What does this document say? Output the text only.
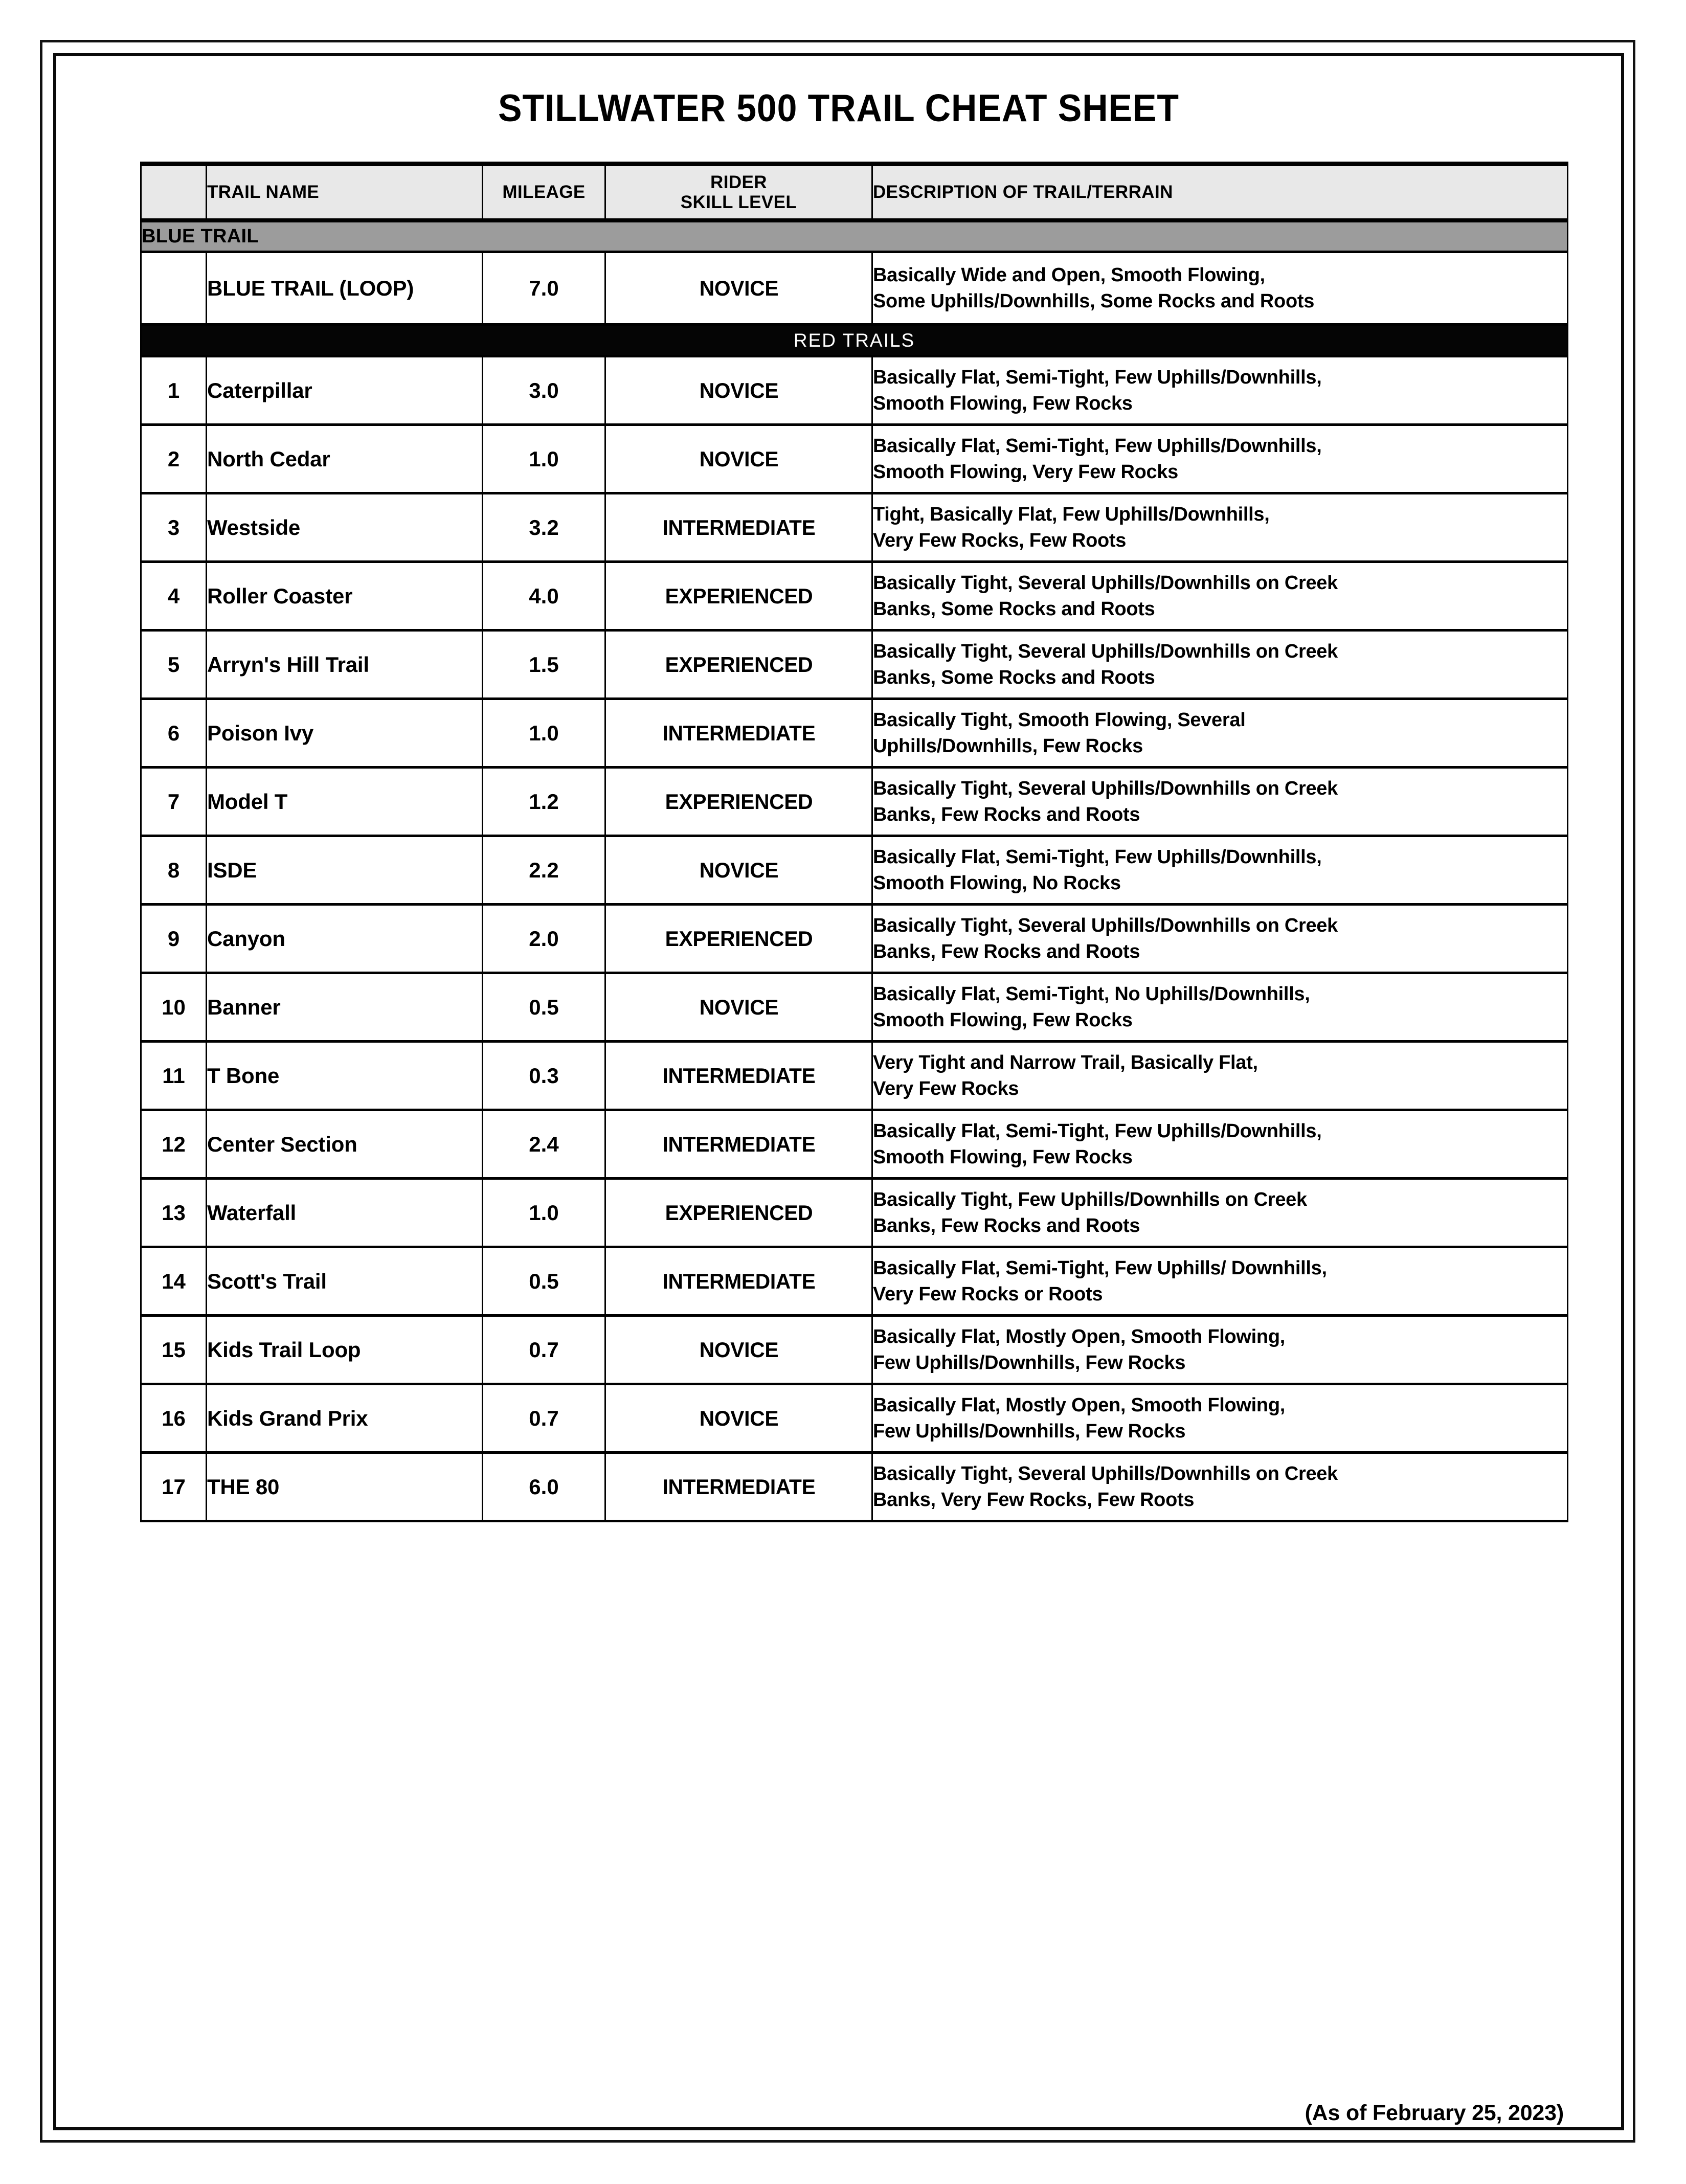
STILLWATER 500 TRAIL CHEAT SHEET
	TRAIL NAME	MILEAGE	RIDER
SKILL LEVEL	DESCRIPTION OF TRAIL/TERRAIN
BLUE TRAIL				
	BLUE TRAIL (LOOP)	7.0	NOVICE	Basically Wide and Open, Smooth Flowing,
Some Uphills/Downhills, Some Rocks and Roots

RED TRAILS				
1	Caterpillar	3.0	NOVICE	Basically Flat, Semi-Tight, Few Uphills/Downhills,
Smooth Flowing, Few Rocks

2	North Cedar	1.0	NOVICE	Basically Flat, Semi-Tight, Few Uphills/Downhills,
Smooth Flowing, Very Few Rocks

3	Westside	3.2	INTERMEDIATE	Tight, Basically Flat, Few Uphills/Downhills,
Very Few Rocks, Few Roots

4	Roller Coaster	4.0	EXPERIENCED	Basically Tight, Several Uphills/Downhills on Creek
Banks, Some Rocks and Roots

5	Arryn's Hill Trail	1.5	EXPERIENCED	Basically Tight, Several Uphills/Downhills on Creek
Banks, Some Rocks and Roots

6	Poison Ivy	1.0	INTERMEDIATE	Basically Tight, Smooth Flowing, Several
Uphills/Downhills, Few Rocks

7	Model T	1.2	EXPERIENCED	Basically Tight, Several Uphills/Downhills on Creek
Banks, Few Rocks and Roots

8	ISDE	2.2	NOVICE	Basically Flat, Semi-Tight, Few Uphills/Downhills,
Smooth Flowing, No Rocks

9	Canyon	2.0	EXPERIENCED	Basically Tight, Several Uphills/Downhills on Creek
Banks, Few Rocks and Roots

10	Banner	0.5	NOVICE	Basically Flat, Semi-Tight, No Uphills/Downhills,
Smooth Flowing, Few Rocks

11	T Bone	0.3	INTERMEDIATE	Very Tight and Narrow Trail, Basically Flat,
Very Few Rocks

12	Center Section	2.4	INTERMEDIATE	Basically Flat, Semi-Tight, Few Uphills/Downhills,
Smooth Flowing, Few Rocks

13	Waterfall	1.0	EXPERIENCED	Basically Tight, Few Uphills/Downhills on Creek
Banks, Few Rocks and Roots

14	Scott's Trail	0.5	INTERMEDIATE	Basically Flat, Semi-Tight, Few Uphills/ Downhills,
Very Few Rocks or Roots

15	Kids Trail Loop	0.7	NOVICE	Basically Flat, Mostly Open, Smooth Flowing,
Few Uphills/Downhills, Few Rocks

16	Kids Grand Prix	0.7	NOVICE	Basically Flat, Mostly Open, Smooth Flowing,
Few Uphills/Downhills, Few Rocks

17	THE 80	6.0	INTERMEDIATE	Basically Tight, Several Uphills/Downhills on Creek
Banks, Very Few Rocks, Few Roots
(As of February 25, 2023)
